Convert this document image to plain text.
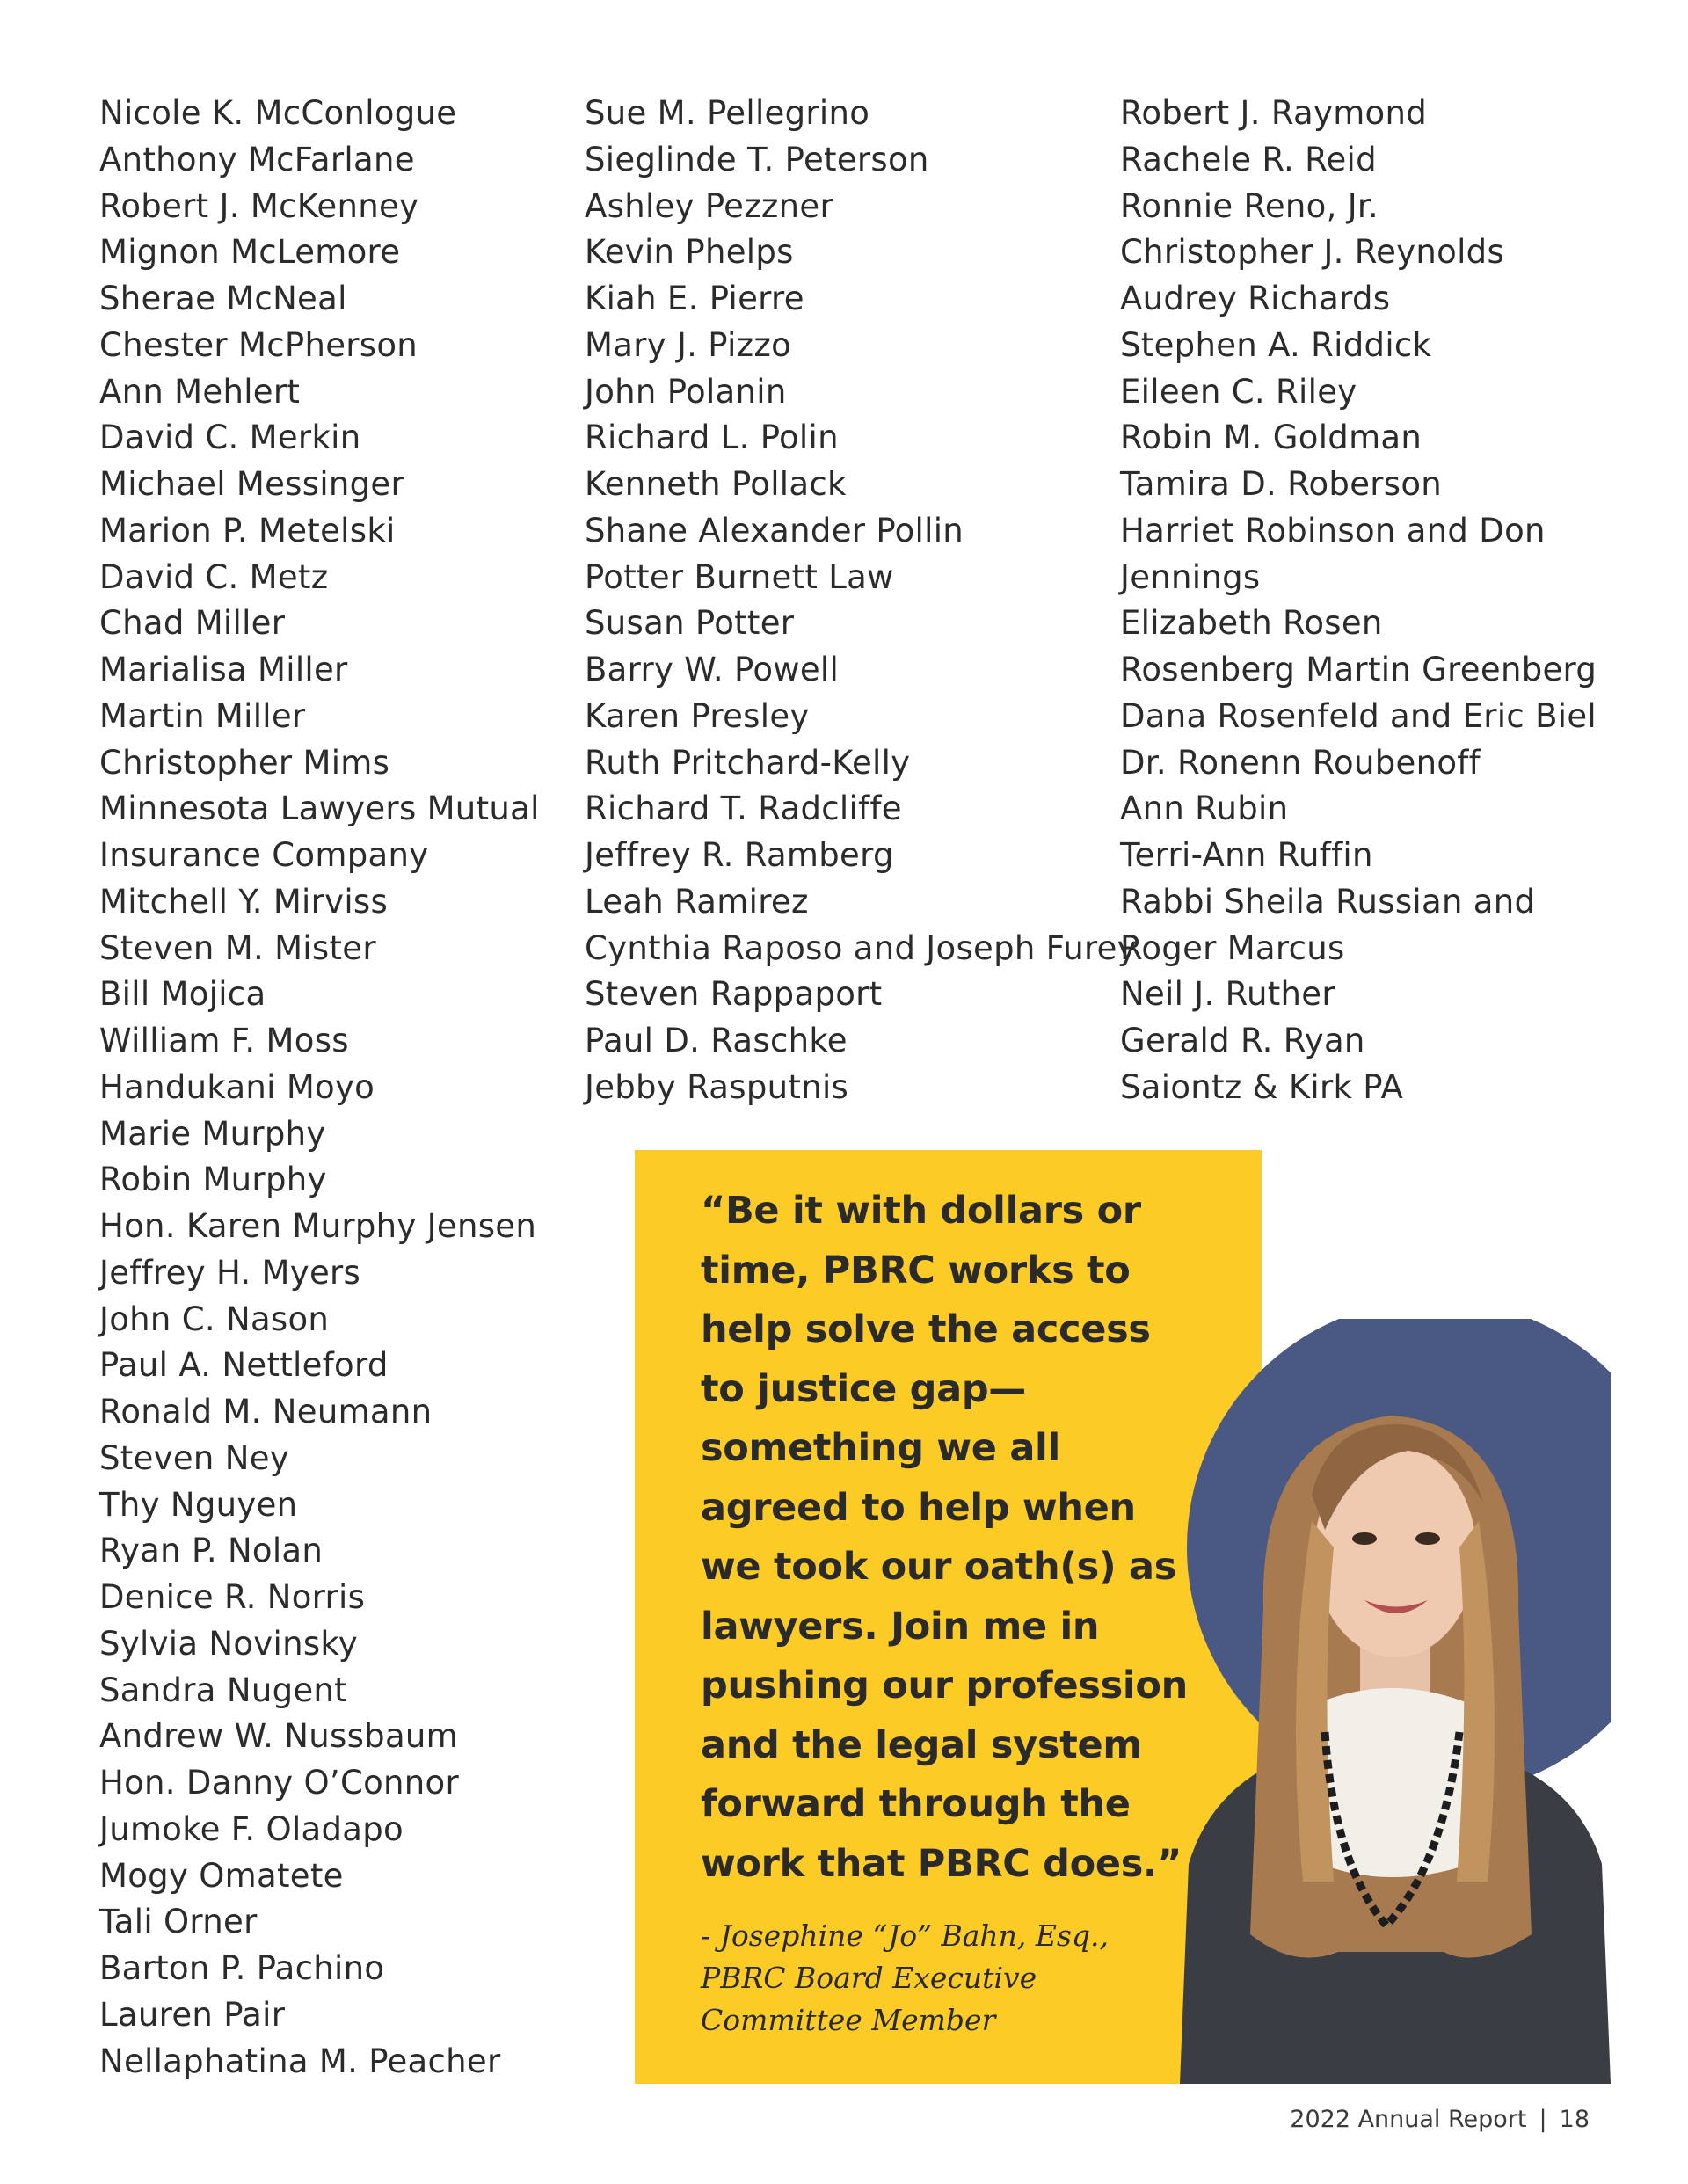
Nicole K. McConlogue
Anthony McFarlane
Robert J. McKenney
Mignon McLemore
Sherae McNeal
Chester McPherson
Ann Mehlert
David C. Merkin
Michael Messinger
Marion P. Metelski
David C. Metz
Chad Miller
Marialisa Miller
Martin Miller
Christopher Mims
Minnesota Lawyers Mutual
Insurance Company
Mitchell Y. Mirviss
Steven M. Mister
Bill Mojica
William F. Moss
Handukani Moyo
Marie Murphy
Robin Murphy
Hon. Karen Murphy Jensen
Jeffrey H. Myers
John C. Nason
Paul A. Nettleford
Ronald M. Neumann
Steven Ney
Thy Nguyen
Ryan P. Nolan
Denice R. Norris
Sylvia Novinsky
Sandra Nugent
Andrew W. Nussbaum
Hon. Danny O’Connor
Jumoke F. Oladapo
Mogy Omatete
Tali Orner
Barton P. Pachino
Lauren Pair
Nellaphatina M. Peacher
Sue M. Pellegrino
Sieglinde T. Peterson
Ashley Pezzner
Kevin Phelps
Kiah E. Pierre
Mary J. Pizzo
John Polanin
Richard L. Polin
Kenneth Pollack
Shane Alexander Pollin
Potter Burnett Law
Susan Potter
Barry W. Powell
Karen Presley
Ruth Pritchard-Kelly
Richard T. Radcliffe
Jeffrey R. Ramberg
Leah Ramirez
Cynthia Raposo and Joseph Furey
Steven Rappaport
Paul D. Raschke
Jebby Rasputnis
Robert J. Raymond
Rachele R. Reid
Ronnie Reno, Jr.
Christopher J. Reynolds
Audrey Richards
Stephen A. Riddick
Eileen C. Riley
Robin M. Goldman
Tamira D. Roberson
Harriet Robinson and Don
Jennings
Elizabeth Rosen
Rosenberg Martin Greenberg
Dana Rosenfeld and Eric Biel
Dr. Ronenn Roubenoff
Ann Rubin
Terri-Ann Ruffin
Rabbi Sheila Russian and
Roger Marcus
Neil J. Ruther
Gerald R. Ryan
Saiontz & Kirk PA

“Be it with dollars or time, PBRC works to help solve the access to justice gap—something we all agreed to help when we took our oath(s) as lawyers. Join me in pushing our profession and the legal system forward through the work that PBRC does.”

- Josephine “Jo” Bahn, Esq.,
PBRC Board Executive
Committee Member

2022 Annual Report | 18
